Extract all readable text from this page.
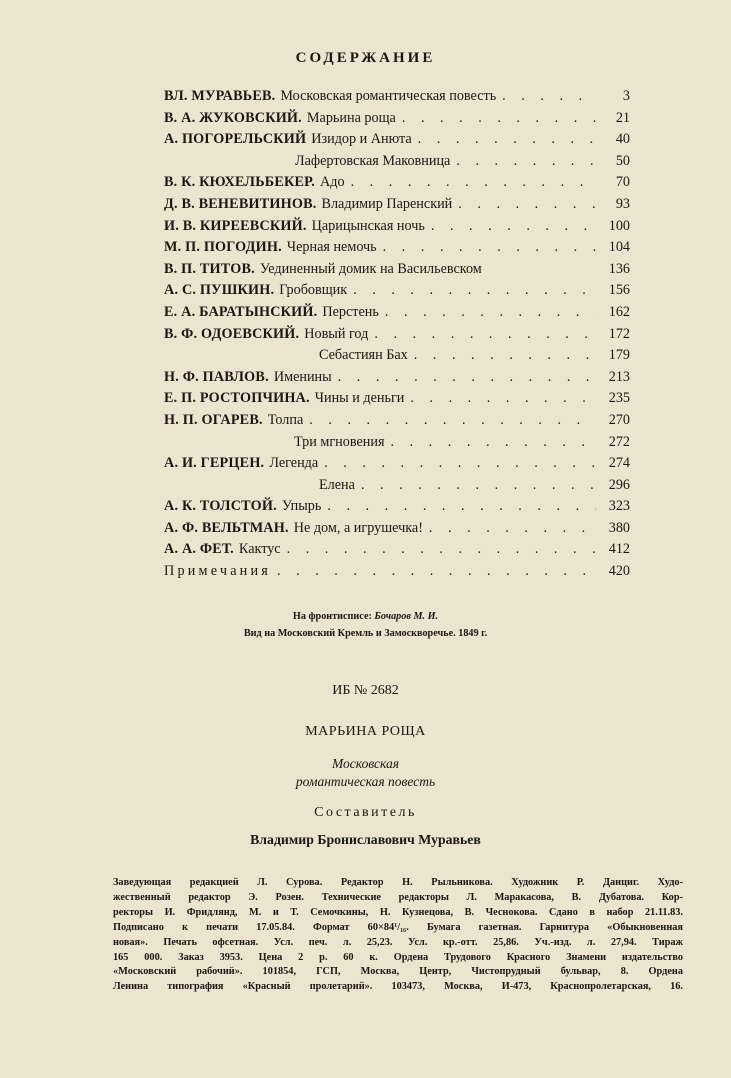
СОДЕРЖАНИЕ
ВЛ. МУРАВЬЕВ. Московская романтическая повесть . . .	3
В. А. ЖУКОВСКИЙ. Марьина роща . . .	21
А. ПОГОРЕЛЬСКИЙ Изидор и Анюта . . .	40
Лафертовская Маковница . . .	50
В. К. КЮХЕЛЬБЕКЕР. Адо . . .	70
Д. В. ВЕНЕВИТИНОВ. Владимир Паренский . . .	93
И. В. КИРЕЕВСКИЙ. Царицынская ночь . . .	100
М. П. ПОГОДИН. Черная немочь . . .	104
В. П. ТИТОВ. Уединенный домик на Васильевском	136
А. С. ПУШКИН. Гробовщик . . .	156
Е. А. БАРАТЫНСКИЙ. Перстень . . .	162
В. Ф. ОДОЕВСКИЙ. Новый год . . .	172
Себастиян Бах . . .	179
Н. Ф. ПАВЛОВ. Именины . . .	213
Е. П. РОСТОПЧИНА. Чины и деньги . . .	235
Н. П. ОГАРЕВ. Толпа . . .	270
Три мгновения . . .	272
А. И. ГЕРЦЕН. Легенда . . .	274
Елена . . .	296
А. К. ТОЛСТОЙ. Упырь . . .	323
А. Ф. ВЕЛЬТМАН. Не дом, а игрушечка! . . .	380
А. А. ФЕТ. Кактус . . .	412
Примечания . . .	420
На фронтисписе: Бочаров М. И.
Вид на Московский Кремль и Замоскворечье. 1849 г.
ИБ № 2682
МАРЬИНА РОЩА
Московская
романтическая повесть
Составитель
Владимир Брониславович Муравьев
Заведующая редакцией Л. Сурова. Редактор Н. Рыльникова. Художник Р. Данциг. Худо-
жественный редактор Э. Розен. Технические редакторы Л. Маракасова, В. Дубатова. Кор-
ректоры И. Фридлянд, М. и Т. Семочкины, Н. Кузнецова, В. Чеснокова. Сдано в набор 21.11.83.
Подписано к печати 17.05.84. Формат 60×84¹/₁₆. Бумага газетная. Гарнитура «Обыкновенная
новая». Печать офсетная. Усл. печ. л. 25,23. Усл. кр.-отт. 25,86. Уч.-изд. л. 27,94. Тираж
165 000. Заказ 3953. Цена 2 р. 60 к. Ордена Трудового Красного Знамени издательство
«Московский рабочий». 101854, ГСП, Москва, Центр, Чистопрудный бульвар, 8. Ордена
Ленина типография «Красный пролетарий». 103473, Москва, И-473, Краснопролетарская, 16.
